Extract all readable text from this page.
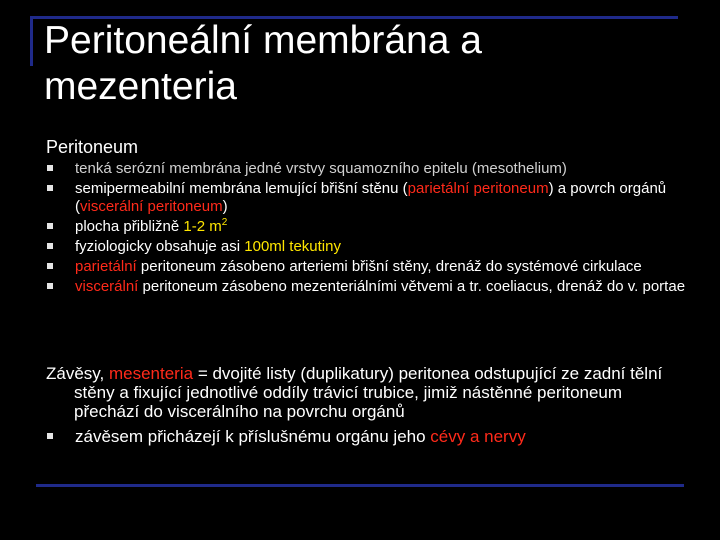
Peritoneální membrána a mezenteria
Peritoneum
tenká serózní membrána jedné vrstvy squamozního epitelu (mesothelium)
semipermeabilní membrána lemující břišní stěnu (parietální peritoneum) a povrch orgánů (viscerální peritoneum)
plocha přibližně 1-2 $m^2$
fyziologicky obsahuje asi 100ml tekutiny
parietální peritoneum zásobeno arteriemi břišní stěny, drenáž do systémové cirkulace
viscerální peritoneum zásobeno mezenteriálními větvemi a tr. coeliacus, drenáž do v. portae

Závěsy, mesenteria = dvojité listy (duplikatury) peritonea odstupující ze zadní tělní stěny a fixující jednotlivé oddíly trávicí trubice, jimiž nástěnné peritoneum přechází do viscerálního na povrchu orgánů

závěsem přicházejí k příslušnému orgánu jeho cévy a nervy
